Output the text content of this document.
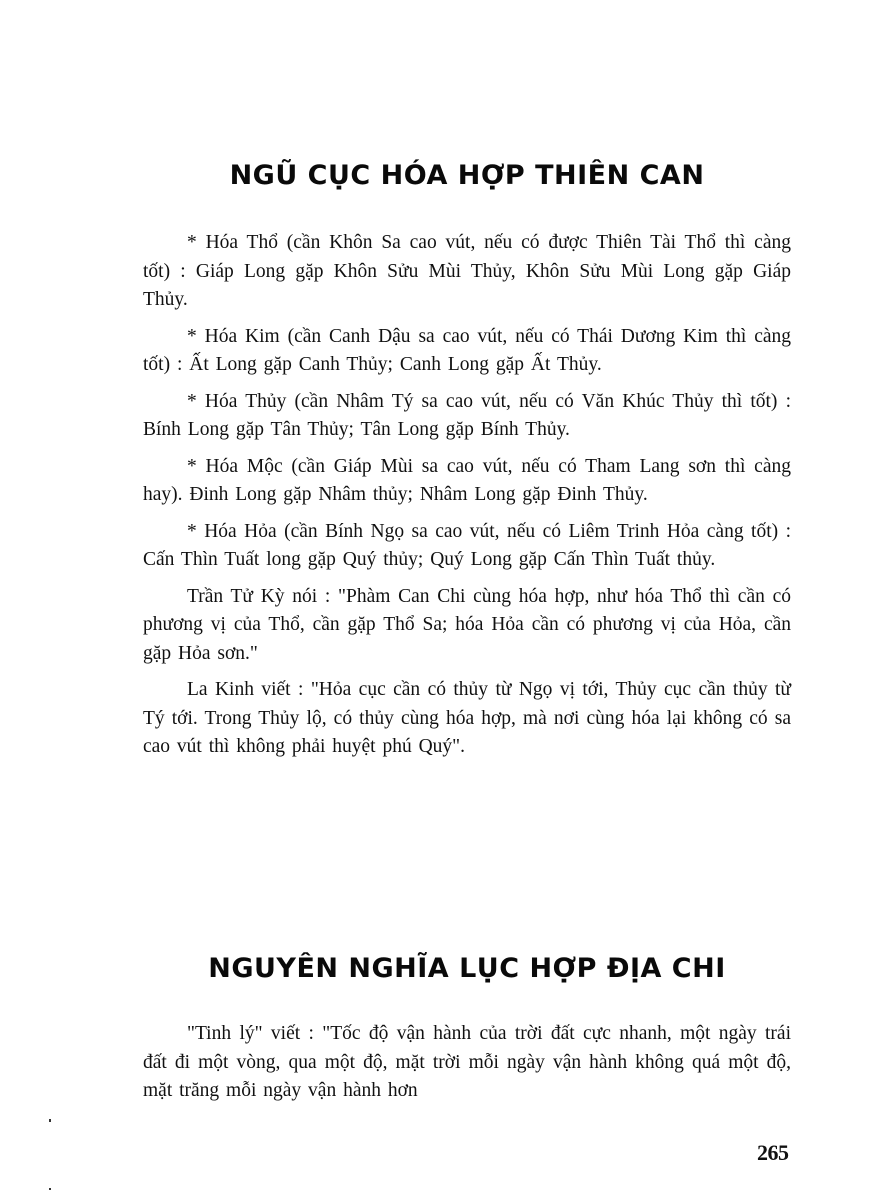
NGŨ CỤC HÓA HỢP THIÊN CAN

* Hóa Thổ (cần Khôn Sa cao vút, nếu có được Thiên Tài Thổ thì càng tốt) : Giáp Long gặp Khôn Sửu Mùi Thủy, Khôn Sửu Mùi Long gặp Giáp Thủy.

* Hóa Kim (cần Canh Dậu sa cao vút, nếu có Thái Dương Kim thì càng tốt) : Ất Long gặp Canh Thủy; Canh Long gặp Ất Thủy.

* Hóa Thủy (cần Nhâm Tý sa cao vút, nếu có Văn Khúc Thủy thì tốt) : Bính Long gặp Tân Thủy; Tân Long gặp Bính Thủy.

* Hóa Mộc (cần Giáp Mùi sa cao vút, nếu có Tham Lang sơn thì càng hay). Đinh Long gặp Nhâm thủy; Nhâm Long gặp Đinh Thủy.

* Hóa Hỏa (cần Bính Ngọ sa cao vút, nếu có Liêm Trinh Hỏa càng tốt) : Cấn Thìn Tuất long gặp Quý thủy; Quý Long gặp Cấn Thìn Tuất thủy.

Trần Tử Kỳ nói : "Phàm Can Chi cùng hóa hợp, như hóa Thổ thì cần có phương vị của Thổ, cần gặp Thổ Sa; hóa Hỏa cần có phương vị của Hỏa, cần gặp Hỏa sơn."

La Kinh viết : "Hỏa cục cần có thủy từ Ngọ vị tới, Thủy cục cần thủy từ Tý tới. Trong Thủy lộ, có thủy cùng hóa hợp, mà nơi cùng hóa lại không có sa cao vút thì không phải huyệt phú Quý".

NGUYÊN NGHĨA LỤC HỢP ĐỊA CHI

"Tinh lý" viết : "Tốc độ vận hành của trời đất cực nhanh, một ngày trái đất đi một vòng, qua một độ, mặt trời mỗi ngày vận hành không quá một độ, mặt trăng mỗi ngày vận hành hơn

265
